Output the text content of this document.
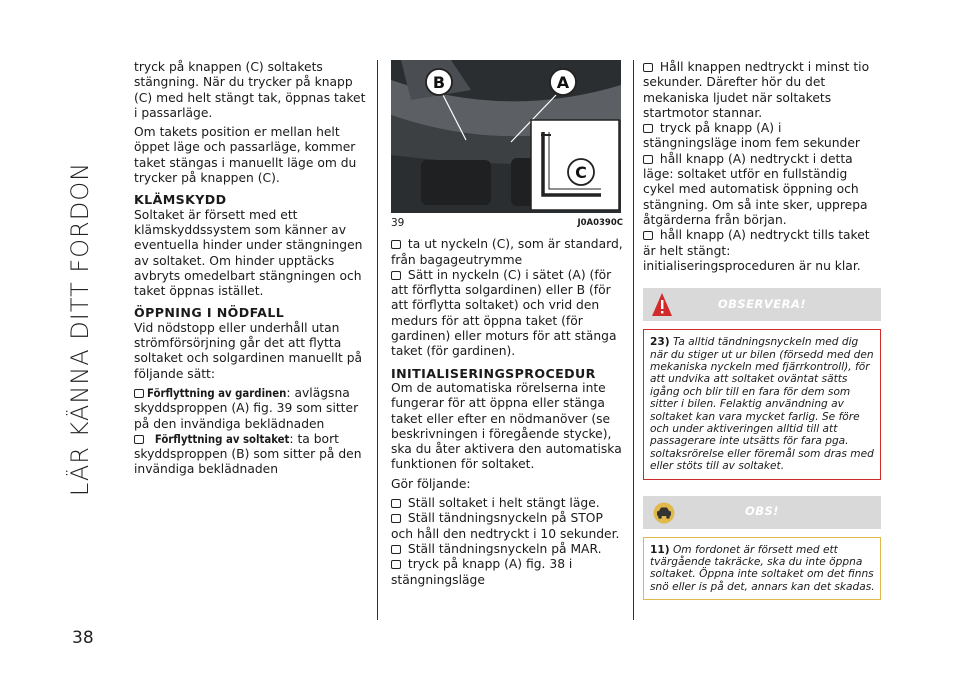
LÄR KÄNNA DITT FORDON
38

tryck på knappen (C) soltakets stängning. När du trycker på knapp (C) med helt stängt tak, öppnas taket i passarläge.

Om takets position er mellan helt öppet läge och passarläge, kommer taket stängas i manuellt läge om du trycker på knappen (C).

KLÄMSKYDD

Soltaket är försett med ett klämskyddssystem som känner av eventuella hinder under stängningen av soltaket. Om hinder upptäcks avbryts omedelbart stängningen och taket öppnas istället.

ÖPPNING I NÖDFALL

Vid nödstopp eller underhåll utan strömförsörjning går det att flytta soltaket och solgardinen manuellt på följande sätt:

Förflyttning av gardinen: avlägsna skyddsproppen (A) fig. 39 som sitter på den invändiga beklädnaden
Förflyttning av soltaket: ta bort skyddsproppen (B) som sitter på den invändiga beklädnaden
B	A
C
39	J0A0390C
ta ut nyckeln (C), som är standard, från bagageutrymme
Sätt in nyckeln (C) i sätet (A) (för att förflytta solgardinen) eller B (för att förflytta soltaket) och vrid den medurs för att öppna taket (för gardinen) eller moturs för att stänga taket (för gardinen).
INITIALISERINGSPROCEDUR

Om de automatiska rörelserna inte fungerar för att öppna eller stänga taket eller efter en nödmanöver (se beskrivningen i föregående stycke), ska du åter aktivera den automatiska funktionen för soltaket.

Gör följande:

Ställ soltaket i helt stängt läge.
Ställ tändningsnyckeln på STOP och håll den nedtryckt i 10 sekunder.
Ställ tändningsnyckeln på MAR.
tryck på knapp (A) fig. 38 i stängningsläge
Håll knappen nedtryckt i minst tio sekunder. Därefter hör du det mekaniska ljudet när soltakets startmotor stannar.
tryck på knapp (A) i stängningsläge inom fem sekunder
håll knapp (A) nedtryckt i detta läge: soltaket utför en fullständig cykel med automatisk öppning och stängning. Om så inte sker, upprepa åtgärderna från början.
håll knapp (A) nedtryckt tills taket är helt stängt: initialiseringsproceduren är nu klar.
OBSERVERA!
23) Ta alltid tändningsnyckeln med dig när du stiger ut ur bilen (försedd med den mekaniska nyckeln med fjärrkontroll), för att undvika att soltaket oväntat sätts igång och blir till en fara för dem som sitter i bilen. Felaktig användning av soltaket kan vara mycket farlig. Se före och under aktiveringen alltid till att passagerare inte utsätts för fara pga. soltaksrörelse eller föremål som dras med eller stöts till av soltaket.
OBS!
11) Om fordonet är försett med ett tvärgående takräcke, ska du inte öppna soltaket. Öppna inte soltaket om det finns snö eller is på det, annars kan det skadas.
